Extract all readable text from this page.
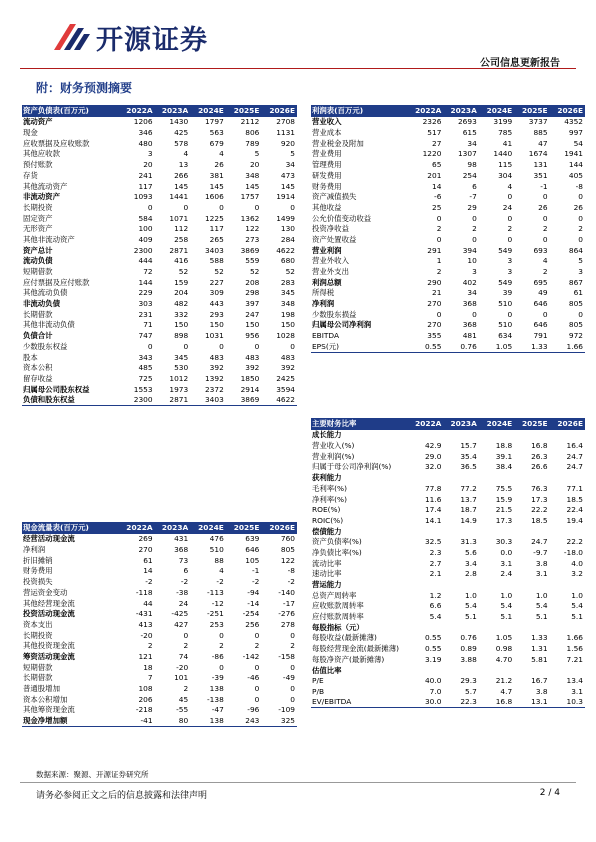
开源证券
公司信息更新报告
附：财务预测摘要
资产负债表(百万元)	2022A	2023A	2024E	2025E	2026E
流动资产	1206	1430	1797	2112	2708
现金	346	425	563	806	1131
应收票据及应收账款	480	578	679	789	920
其他应收款	3	4	4	5	5
预付账款	20	13	26	20	34
存货	241	266	381	348	473
其他流动资产	117	145	145	145	145
非流动资产	1093	1441	1606	1757	1914
长期投资	0	0	0	0	0
固定资产	584	1071	1225	1362	1499
无形资产	100	112	117	122	130
其他非流动资产	409	258	265	273	284
资产总计	2300	2871	3403	3869	4622
流动负债	444	416	588	559	680
短期借款	72	52	52	52	52
应付票据及应付账款	144	159	227	208	283
其他流动负债	229	204	309	298	345
非流动负债	303	482	443	397	348
长期借款	231	332	293	247	198
其他非流动负债	71	150	150	150	150
负债合计	747	898	1031	956	1028
少数股东权益	0	0	0	0	0
股本	343	345	483	483	483
资本公积	485	530	392	392	392
留存收益	725	1012	1392	1850	2425
归属母公司股东权益	1553	1973	2372	2914	3594
负债和股东权益	2300	2871	3403	3869	4622
利润表(百万元)	2022A	2023A	2024E	2025E	2026E
营业收入	2326	2693	3199	3737	4352
营业成本	517	615	785	885	997
营业税金及附加	27	34	41	47	54
营业费用	1220	1307	1440	1674	1941
管理费用	65	98	115	131	144
研发费用	201	254	304	351	405
财务费用	14	6	4	-1	-8
资产减值损失	-6	-7	0	0	0
其他收益	25	29	24	26	26
公允价值变动收益	0	0	0	0	0
投资净收益	2	2	2	2	2
资产处置收益	0	0	0	0	0
营业利润	291	394	549	693	864
营业外收入	1	10	3	4	5
营业外支出	2	3	3	2	3
利润总额	290	402	549	695	867
所得税	21	34	39	49	61
净利润	270	368	510	646	805
少数股东损益	0	0	0	0	0
归属母公司净利润	270	368	510	646	805
EBITDA	355	481	634	791	972
EPS(元)	0.55	0.76	1.05	1.33	1.66
主要财务比率	2022A	2023A	2024E	2025E	2026E
成长能力					
营业收入(%)	42.9	15.7	18.8	16.8	16.4
营业利润(%)	29.0	35.4	39.1	26.3	24.7
归属于母公司净利润(%)	32.0	36.5	38.4	26.6	24.7
获利能力					
毛利率(%)	77.8	77.2	75.5	76.3	77.1
净利率(%)	11.6	13.7	15.9	17.3	18.5
ROE(%)	17.4	18.7	21.5	22.2	22.4
ROIC(%)	14.1	14.9	17.3	18.5	19.4
偿债能力					
资产负债率(%)	32.5	31.3	30.3	24.7	22.2
净负债比率(%)	2.3	5.6	0.0	-9.7	-18.0
流动比率	2.7	3.4	3.1	3.8	4.0
速动比率	2.1	2.8	2.4	3.1	3.2
营运能力					
总资产周转率	1.2	1.0	1.0	1.0	1.0
应收账款周转率	6.6	5.4	5.4	5.4	5.4
应付账款周转率	5.4	5.1	5.1	5.1	5.1
每股指标（元）					
每股收益(最新摊薄)	0.55	0.76	1.05	1.33	1.66
每股经营现金流(最新摊薄)	0.55	0.89	0.98	1.31	1.56
每股净资产(最新摊薄)	3.19	3.88	4.70	5.81	7.21
估值比率					
P/E	40.0	29.3	21.2	16.7	13.4
P/B	7.0	5.7	4.7	3.8	3.1
EV/EBITDA	30.0	22.3	16.8	13.1	10.3
现金流量表(百万元)	2022A	2023A	2024E	2025E	2026E
经营活动现金流	269	431	476	639	760
净利润	270	368	510	646	805
折旧摊销	61	73	88	105	122
财务费用	14	6	4	-1	-8
投资损失	-2	-2	-2	-2	-2
营运资金变动	-118	-38	-113	-94	-140
其他经营现金流	44	24	-12	-14	-17
投资活动现金流	-431	-425	-251	-254	-276
资本支出	413	427	253	256	278
长期投资	-20	0	0	0	0
其他投资现金流	2	2	2	2	2
筹资活动现金流	121	74	-86	-142	-158
短期借款	18	-20	0	0	0
长期借款	7	101	-39	-46	-49
普通股增加	108	2	138	0	0
资本公积增加	206	45	-138	0	0
其他筹资现金流	-218	-55	-47	-96	-109
现金净增加额	-41	80	138	243	325
数据来源：聚源、开源证券研究所
请务必参阅正文之后的信息披露和法律声明	2 / 4
